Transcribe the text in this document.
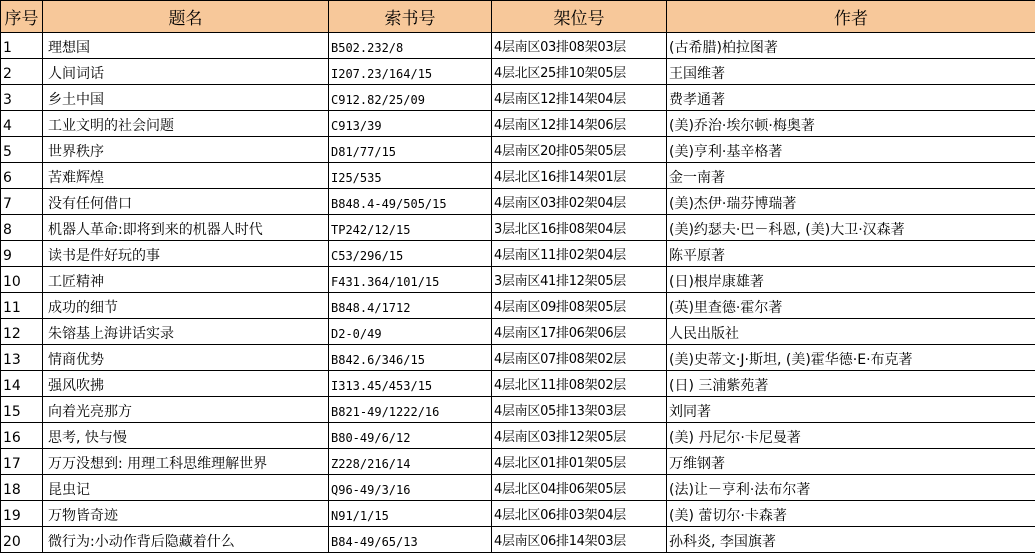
序号	题名	索书号	架位号	作者
1	理想国	B502.232/8	4层南区03排08架03层	(古希腊)柏拉图著
2	人间词话	I207.23/164/15	4层北区25排10架05层	王国维著
3	乡土中国	C912.82/25/09	4层南区12排14架04层	费孝通著
4	工业文明的社会问题	C913/39	4层南区12排14架06层	(美)乔治·埃尔顿·梅奥著
5	世界秩序	D81/77/15	4层南区20排05架05层	(美)亨利·基辛格著
6	苦难辉煌	I25/535	4层北区16排14架01层	金一南著
7	没有任何借口	B848.4-49/505/15	4层南区03排02架04层	(美)杰伊·瑞芬博瑞著
8	机器人革命:即将到来的机器人时代	TP242/12/15	3层北区16排08架04层	(美)约瑟夫·巴－科恩, (美)大卫·汉森著
9	读书是件好玩的事	C53/296/15	4层南区11排02架04层	陈平原著
10	工匠精神	F431.364/101/15	3层南区41排12架05层	(日)根岸康雄著
11	成功的细节	B848.4/1712	4层南区09排08架05层	(英)里查德·霍尔著
12	朱镕基上海讲话实录	D2-0/49	4层南区17排06架06层	人民出版社
13	情商优势	B842.6/346/15	4层南区07排08架02层	(美)史蒂文·J·斯坦, (美)霍华德·E·布克著
14	强风吹拂	I313.45/453/15	4层北区11排08架02层	(日) 三浦紫苑著
15	向着光亮那方	B821-49/1222/16	4层南区05排13架03层	刘同著
16	思考, 快与慢	B80-49/6/12	4层南区03排12架05层	(美) 丹尼尔·卡尼曼著
17	万万没想到: 用理工科思维理解世界	Z228/216/14	4层北区01排01架05层	万维钢著
18	昆虫记	Q96-49/3/16	4层北区04排06架05层	(法)让－亨利·法布尔著
19	万物皆奇迹	N91/1/15	4层北区06排03架04层	(美) 蕾切尔·卡森著
20	微行为:小动作背后隐藏着什么	B84-49/65/13	4层南区06排14架03层	孙科炎, 李国旗著
